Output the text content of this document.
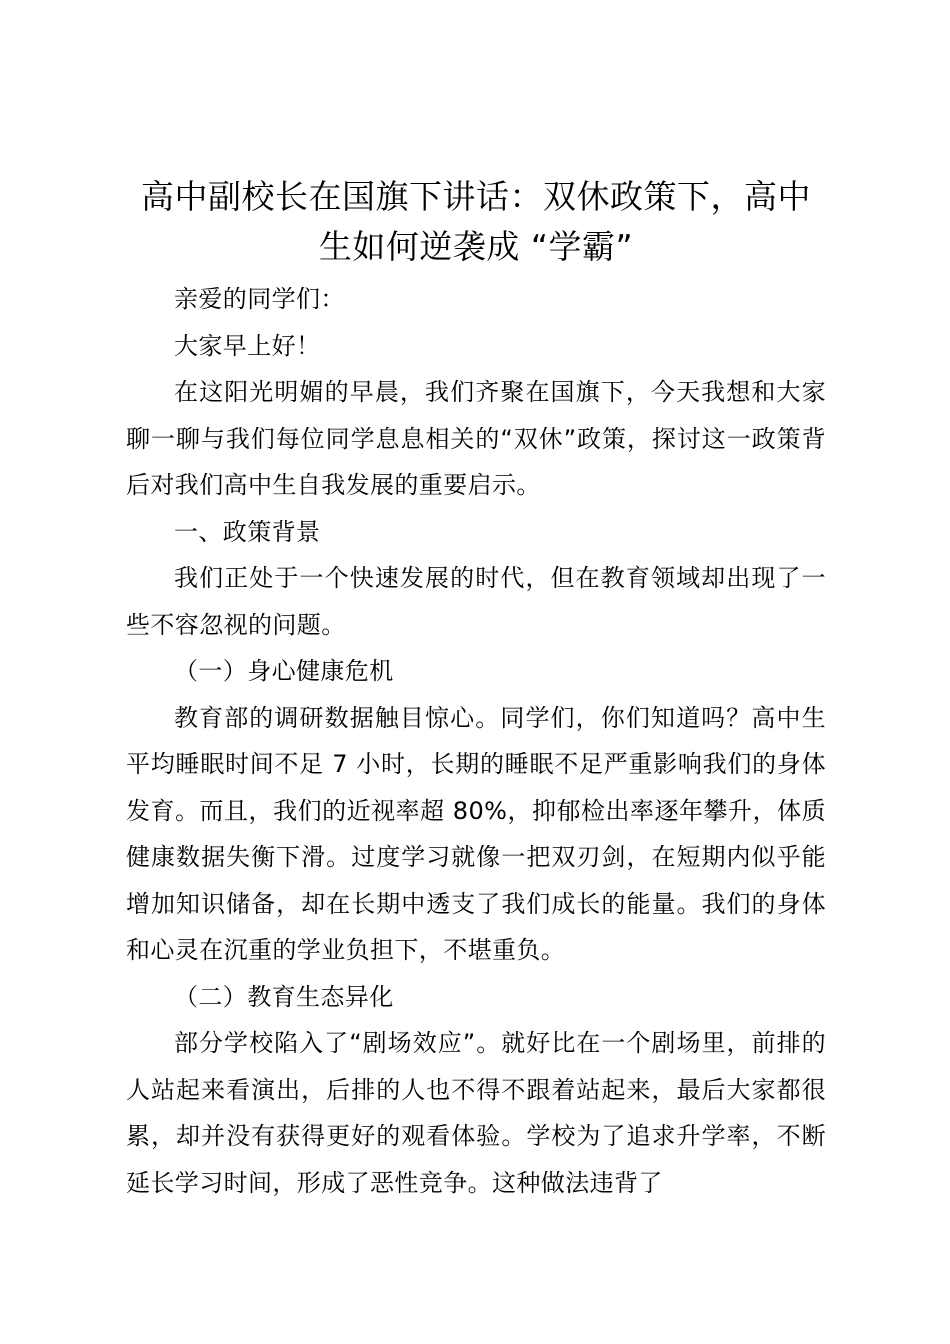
高中副校长在国旗下讲话：双休政策下，高中生如何逆袭成 “学霸”

亲爱的同学们：

大家早上好！

在这阳光明媚的早晨，我们齐聚在国旗下，今天我想和大家聊一聊与我们每位同学息息相关的“双休”政策，探讨这一政策背后对我们高中生自我发展的重要启示。

一、政策背景

我们正处于一个快速发展的时代，但在教育领域却出现了一些不容忽视的问题。

（一）身心健康危机

教育部的调研数据触目惊心。同学们，你们知道吗？高中生平均睡眠时间不足 7 小时，长期的睡眠不足严重影响我们的身体发育。而且，我们的近视率超 80%，抑郁检出率逐年攀升，体质健康数据失衡下滑。过度学习就像一把双刃剑，在短期内似乎能增加知识储备，却在长期中透支了我们成长的能量。我们的身体和心灵在沉重的学业负担下，不堪重负。

（二）教育生态异化

部分学校陷入了“剧场效应”。就好比在一个剧场里，前排的人站起来看演出，后排的人也不得不跟着站起来，最后大家都很累，却并没有获得更好的观看体验。学校为了追求升学率，不断延长学习时间，形成了恶性竞争。这种做法违背了
